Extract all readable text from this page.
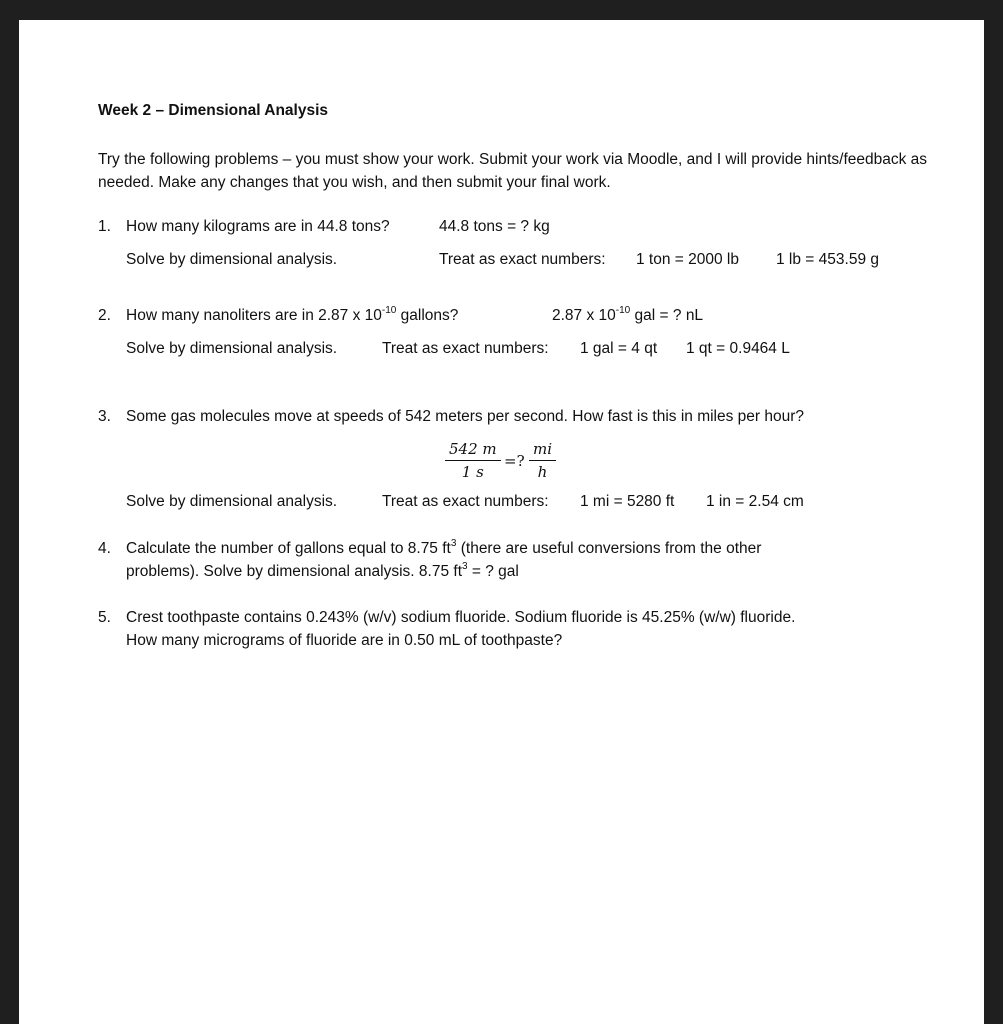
Week 2 – Dimensional Analysis
Try the following problems – you must show your work. Submit your work via Moodle, and I will provide hints/feedback as needed. Make any changes that you wish, and then submit your final work.
1. How many kilograms are in 44.8 tons?	44.8 tons = ? kg
Solve by dimensional analysis.	Treat as exact numbers: 1 ton = 2000 lb 1 lb = 453.59 g
2. How many nanoliters are in 2.87 x $10^{-10}$ gallons?	2.87 x $10^{-10}$ gal = ? nL
Solve by dimensional analysis.	Treat as exact numbers: 1 gal = 4 qt 1 qt = 0.9464 L
3. Some gas molecules move at speeds of 542 meters per second. How fast is this in miles per hour?
$\frac{542 m}{1 s}$ =? $\frac{mi}{h}$
Solve by dimensional analysis.	Treat as exact numbers: 1 mi = 5280 ft 1 in = 2.54 cm
4. Calculate the number of gallons equal to 8.75 $ft^3$ (there are useful conversions from the other
problems). Solve by dimensional analysis. 8.75 $ft^3$ = ? gal
5. Crest toothpaste contains 0.243% (w/v) sodium fluoride. Sodium fluoride is 45.25% (w/w) fluoride.
How many micrograms of fluoride are in 0.50 mL of toothpaste?
